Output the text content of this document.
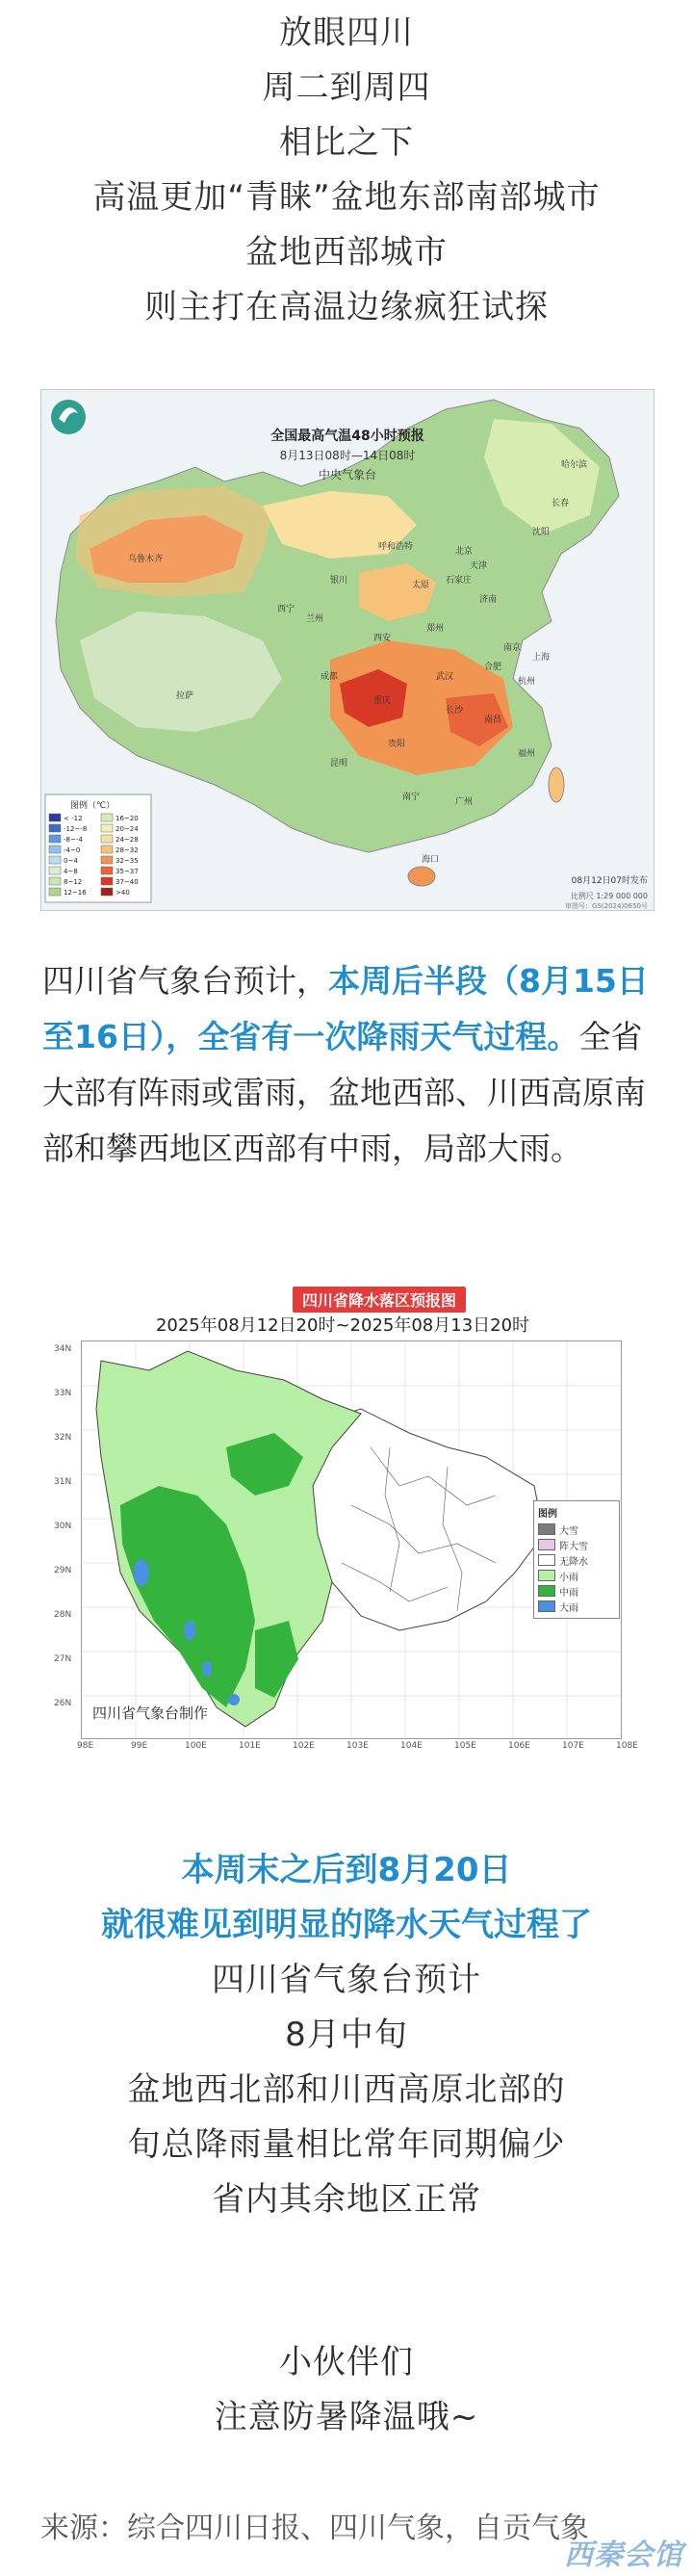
放眼四川
周二到周四
相比之下
高温更加“青睐”盆地东部南部城市
盆地西部城市
则主打在高温边缘疯狂试探
全国最高气温48小时预报
8月13日08时—14日08时
中央气象台
图例（℃）
< -12
-12~-8
-8~-4
-4~0
0~4
4~8
8~12
12~16
16~20
20~24
24~28
28~32
32~35
35~37
37~40
>40
08月12日07时发布
比例尺 1:29 000 000
审图号：GS(2024)0650号
乌鲁木齐
拉萨
西宁
兰州
银川
呼和浩特	北京
天津
石家庄
太原
济南
郑州
西安
成都
重庆
武汉
合肥
南京
上海
杭州
长沙
南昌
福州
贵阳
昆明
南宁	广州
海口
哈尔滨
长春
沈阳
四川省气象台预计，本周后半段（8月15日至16日），全省有一次降雨天气过程。全省大部有阵雨或雷雨，盆地西部、川西高原南部和攀西地区西部有中雨，局部大雨。
四川省降水落区预报图
2025年08月12日20时~2025年08月13日20时
图例
大雪
阵大雪
无降水
小雨
中雨
大雨
四川省气象台制作
34N
33N
32N
31N
30N
29N
28N
27N
26N
98E	99E	100E	101E	102E	103E	104E	105E	106E	107E	108E
本周末之后到8月20日
就很难见到明显的降水天气过程了
四川省气象台预计
8月中旬
盆地西北部和川西高原北部的
旬总降雨量相比常年同期偏少
省内其余地区正常
小伙伴们
注意防暑降温哦~
来源：综合四川日报、四川气象，自贡气象
西秦会馆
